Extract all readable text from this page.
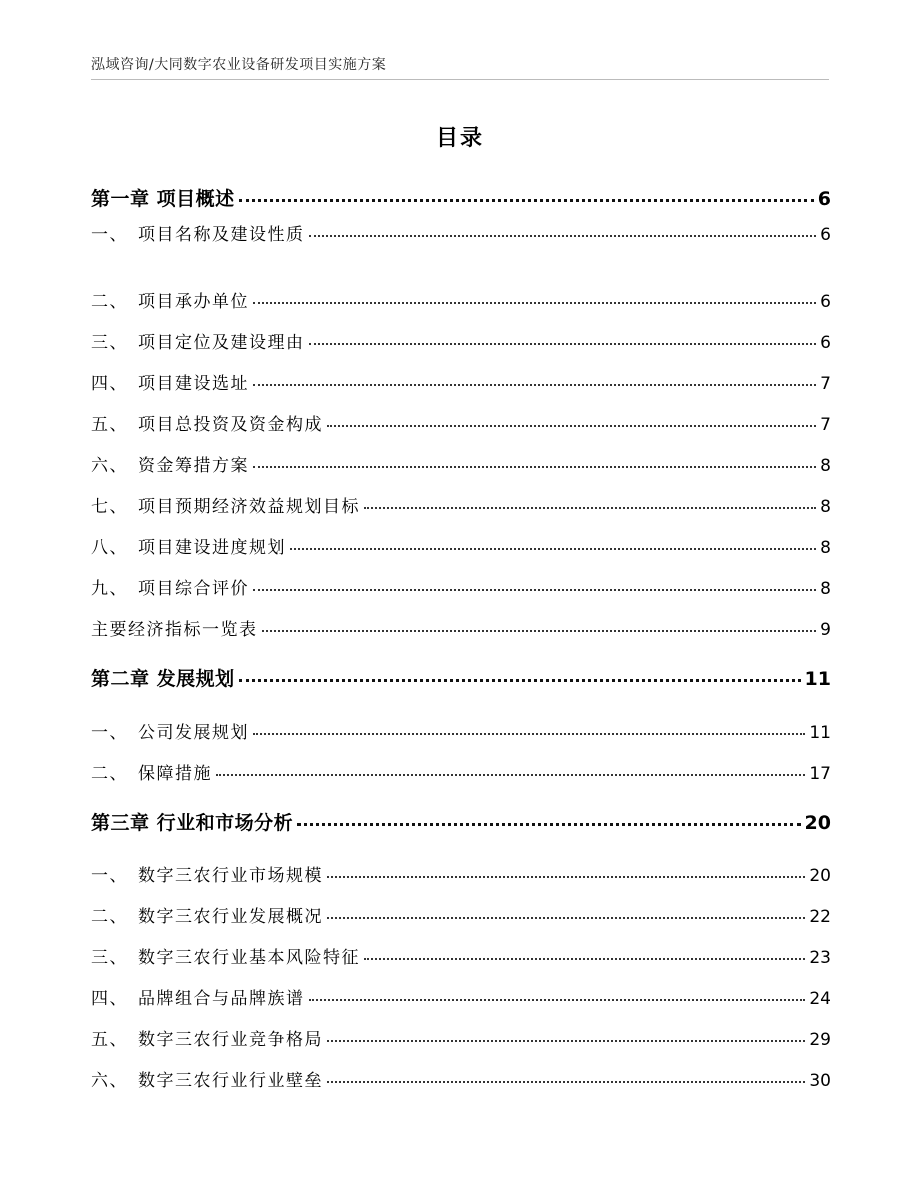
泓域咨询/大同数字农业设备研发项目实施方案
目录
第一章 项目概述	6
一、 项目名称及建设性质	6
二、 项目承办单位	6
三、 项目定位及建设理由	6
四、 项目建设选址	7
五、 项目总投资及资金构成	7
六、 资金筹措方案	8
七、 项目预期经济效益规划目标	8
八、 项目建设进度规划	8
九、 项目综合评价	8
主要经济指标一览表	9
第二章 发展规划	11
一、 公司发展规划	11
二、 保障措施	17
第三章 行业和市场分析	20
一、 数字三农行业市场规模	20
二、 数字三农行业发展概况	22
三、 数字三农行业基本风险特征	23
四、 品牌组合与品牌族谱	24
五、 数字三农行业竞争格局	29
六、 数字三农行业行业壁垒	30
